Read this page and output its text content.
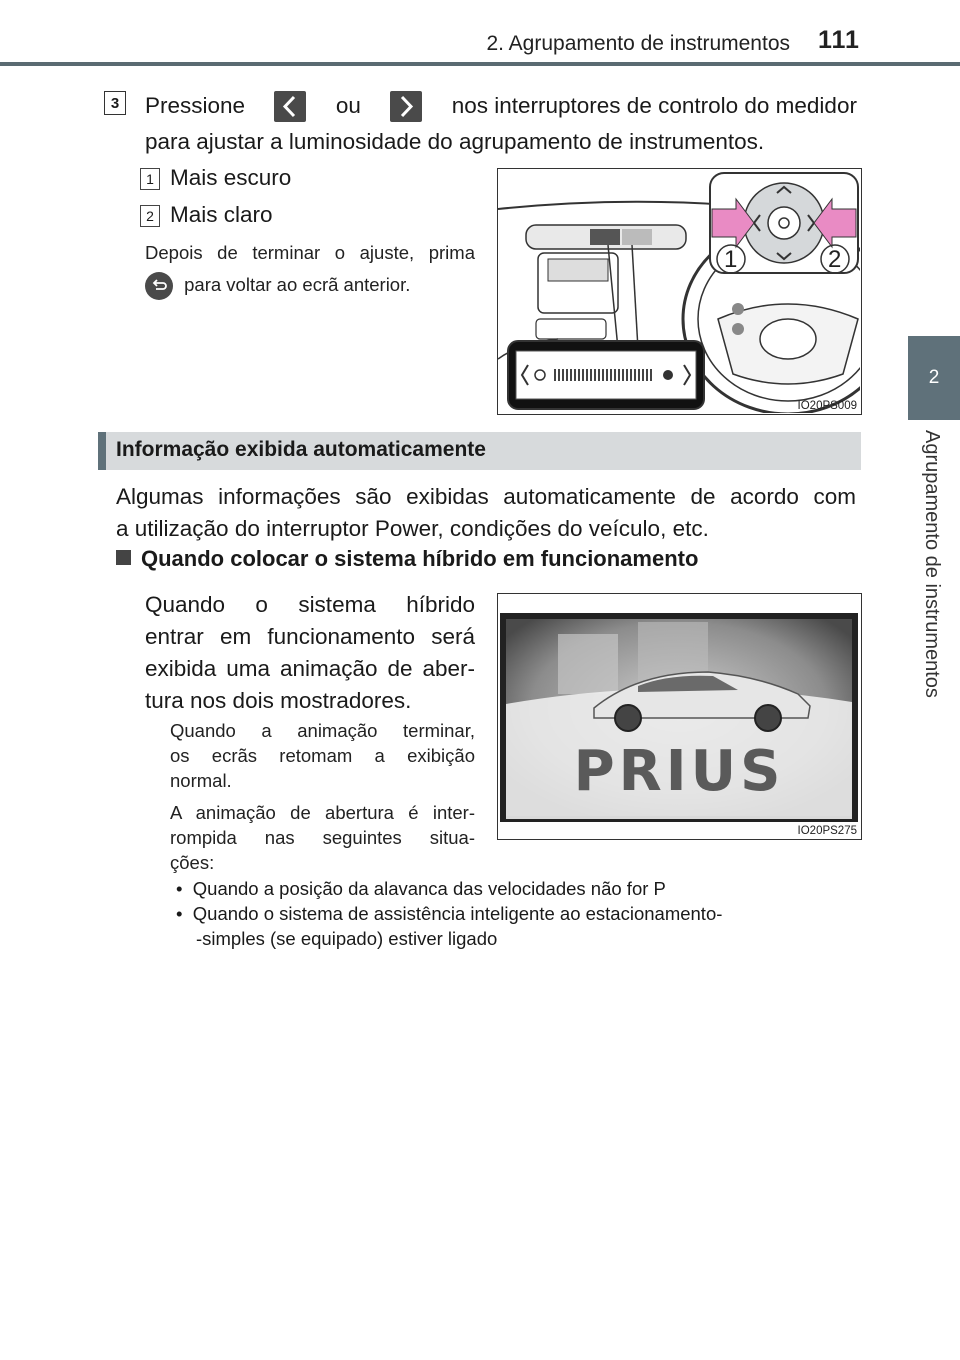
2. Agrupamento de instrumentos 111
2
Agrupamento de instrumentos
3	Pressione	ou	nos interruptores de controlo do medidor
para ajustar a luminosidade do agrupamento de instrumentos.
1 Mais escuro
2 Mais claro
Depois de terminar o ajuste, prima
para voltar ao ecrã anterior.
1	2
IO20PS009
Informação exibida automaticamente
Algumas informações são exibidas automaticamente de acordo com
a utilização do interruptor Power, condições do veículo, etc.
Quando colocar o sistema híbrido em funcionamento
Quando o sistema híbrido
entrar em funcionamento será
exibida uma animação de aber-
tura nos dois mostradores.
Quando a animação terminar,
os ecrãs retomam a exibição
normal.
A animação de abertura é inter-
rompida nas seguintes situa-
ções:
• Quando a posição da alavanca das velocidades não for P
• Quando o sistema de assistência inteligente ao estacionamento-
-simples (se equipado) estiver ligado
PRIUS
IO20PS275
